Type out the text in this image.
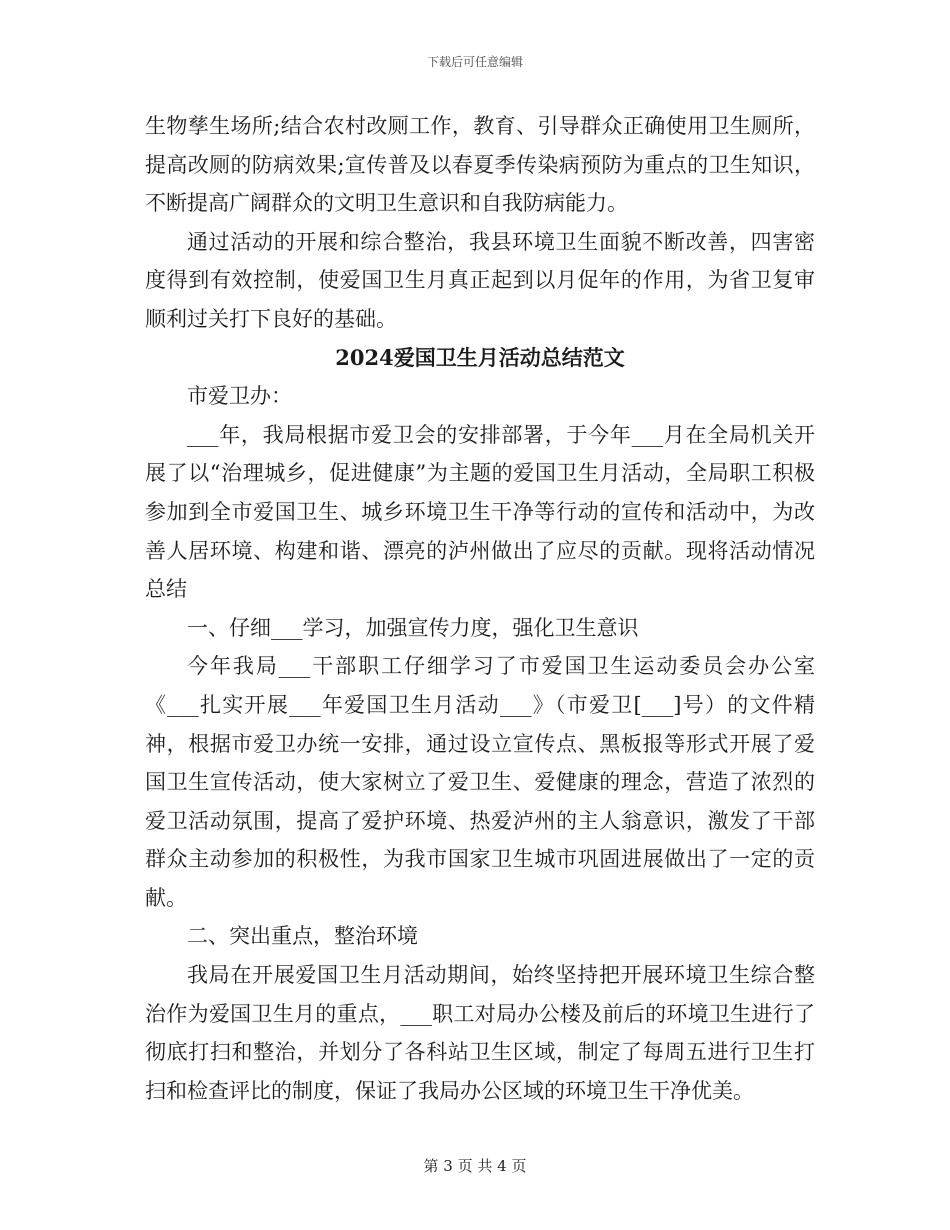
下载后可任意编辑

生物孳生场所;结合农村改厕工作，教育、引导群众正确使用卫生厕所，提高改厕的防病效果;宣传普及以春夏季传染病预防为重点的卫生知识，不断提高广阔群众的文明卫生意识和自我防病能力。

通过活动的开展和综合整治，我县环境卫生面貌不断改善，四害密度得到有效控制，使爱国卫生月真正起到以月促年的作用，为省卫复审顺利过关打下良好的基础。

2024爱国卫生月活动总结范文

市爱卫办：

___年，我局根据市爱卫会的安排部署，于今年___月在全局机关开展了以“治理城乡，促进健康”为主题的爱国卫生月活动，全局职工积极参加到全市爱国卫生、城乡环境卫生干净等行动的宣传和活动中，为改善人居环境、构建和谐、漂亮的泸州做出了应尽的贡献。现将活动情况总结

一、仔细___学习，加强宣传力度，强化卫生意识

今年我局___干部职工仔细学习了市爱国卫生运动委员会办公室《___扎实开展___年爱国卫生月活动___》（市爱卫[___]号）的文件精神，根据市爱卫办统一安排，通过设立宣传点、黑板报等形式开展了爱国卫生宣传活动，使大家树立了爱卫生、爱健康的理念，营造了浓烈的爱卫活动氛围，提高了爱护环境、热爱泸州的主人翁意识，激发了干部群众主动参加的积极性，为我市国家卫生城市巩固进展做出了一定的贡献。

二、突出重点，整治环境

我局在开展爱国卫生月活动期间，始终坚持把开展环境卫生综合整治作为爱国卫生月的重点，___职工对局办公楼及前后的环境卫生进行了彻底打扫和整治，并划分了各科站卫生区域，制定了每周五进行卫生打扫和检查评比的制度，保证了我局办公区域的环境卫生干净优美。

第 3 页 共 4 页
